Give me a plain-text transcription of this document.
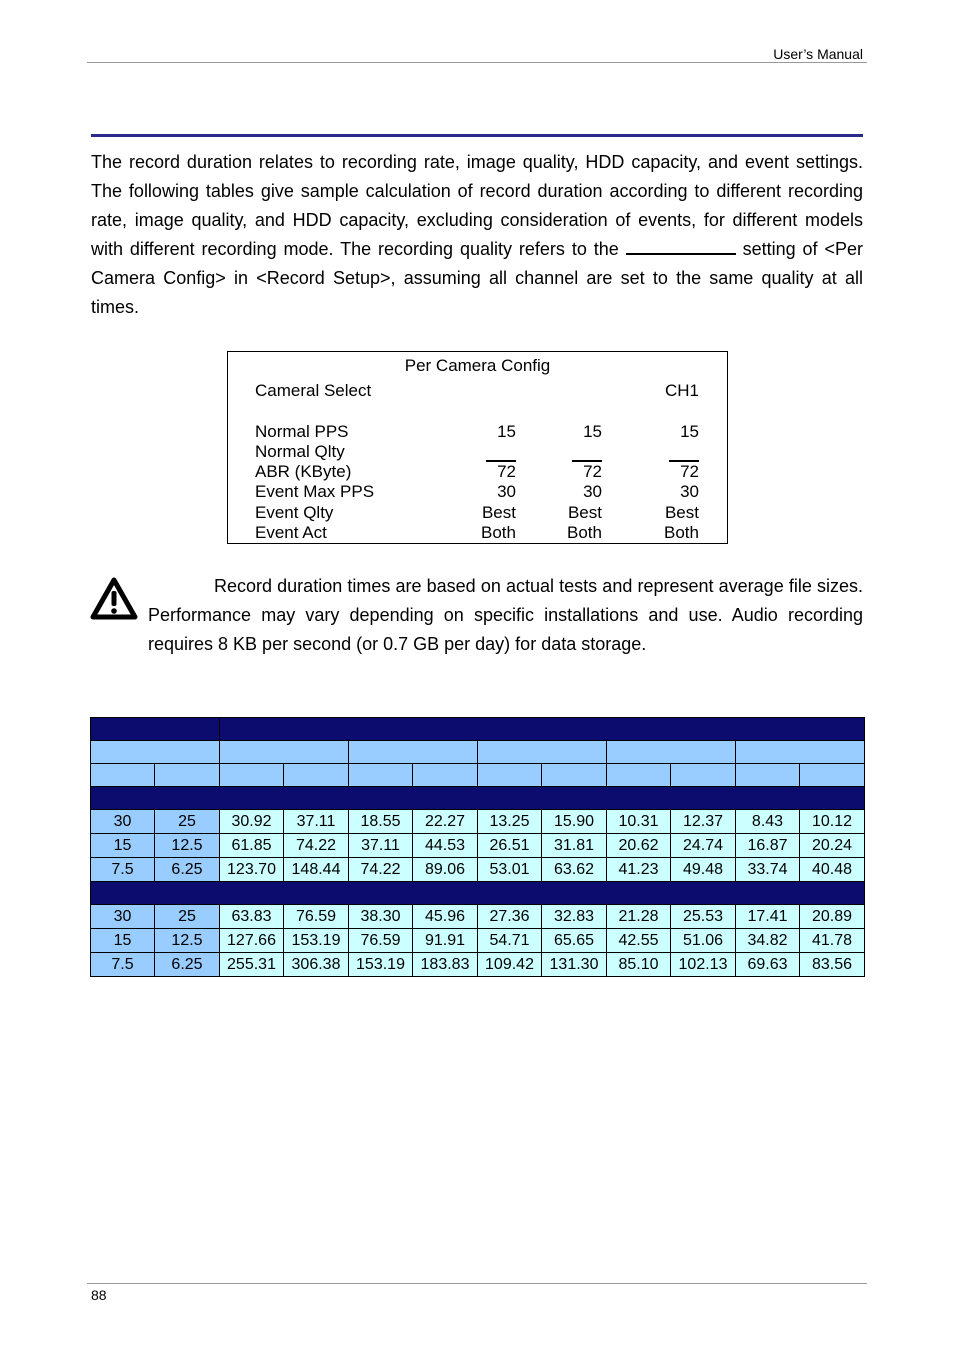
User’s Manual
The record duration relates to recording rate, image quality, HDD capacity, and event settings. The following tables give sample calculation of record duration according to different recording rate, image quality, and HDD capacity, excluding consideration of events, for different models with different recording mode. The recording quality refers to the	setting of <Per Camera Config> in <Record Setup>, assuming all channel are set to the same quality at all times.
Per Camera Config
Cameral Select	CH1
Normal PPS	15	15	15
Normal Qlty
ABR (KByte)	72	72	72
Event Max PPS	30	30	30
Event Qlty	Best	Best	Best
Event Act	Both	Both	Both
Record duration times are based on actual tests and represent average file sizes. Performance may vary depending on specific installations and use. Audio recording requires 8 KB per second (or 0.7 GB per day) for data storage.

30	25	30.92	37.11	18.55	22.27	13.25	15.90	10.31	12.37	8.43	10.12
15	12.5	61.85	74.22	37.11	44.53	26.51	31.81	20.62	24.74	16.87	20.24
7.5	6.25	123.70	148.44	74.22	89.06	53.01	63.62	41.23	49.48	33.74	40.48

30	25	63.83	76.59	38.30	45.96	27.36	32.83	21.28	25.53	17.41	20.89
15	12.5	127.66	153.19	76.59	91.91	54.71	65.65	42.55	51.06	34.82	41.78
7.5	6.25	255.31	306.38	153.19	183.83	109.42	131.30	85.10	102.13	69.63	83.56
88
